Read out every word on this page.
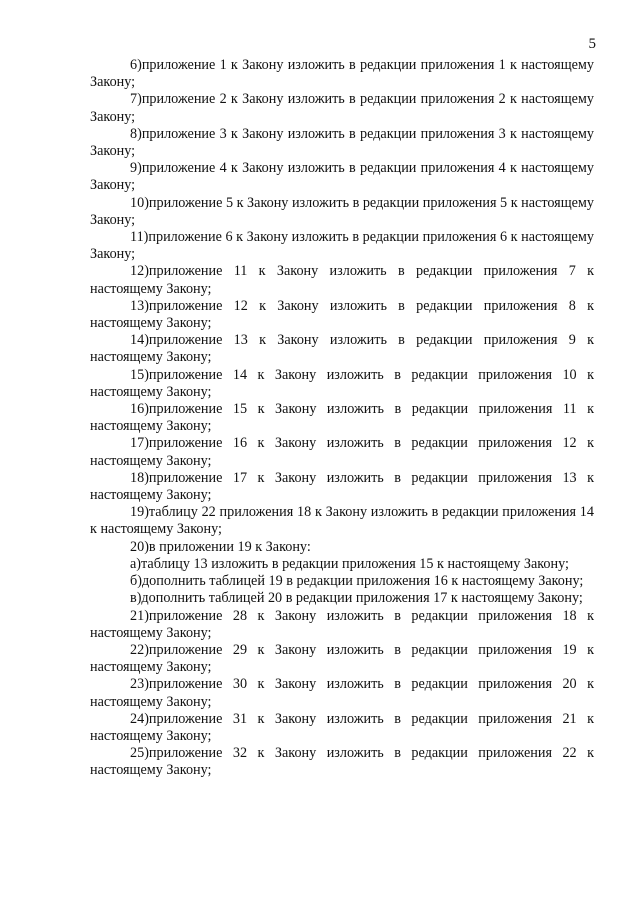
5

6)приложение 1 к Закону изложить в редакции приложения 1 к настоящему Закону;

7)приложение 2 к Закону изложить в редакции приложения 2 к настоящему Закону;

8)приложение 3 к Закону изложить в редакции приложения 3 к настоящему Закону;

9)приложение 4 к Закону изложить в редакции приложения 4 к настоящему Закону;

10)приложение 5 к Закону изложить в редакции приложения 5 к настоящему Закону;

11)приложение 6 к Закону изложить в редакции приложения 6 к настоящему Закону;

12)приложение 11 к Закону изложить в редакции приложения 7 к настоящему Закону;

13)приложение 12 к Закону изложить в редакции приложения 8 к настоящему Закону;

14)приложение 13 к Закону изложить в редакции приложения 9 к настоящему Закону;

15)приложение 14 к Закону изложить в редакции приложения 10 к настоящему Закону;

16)приложение 15 к Закону изложить в редакции приложения 11 к настоящему Закону;

17)приложение 16 к Закону изложить в редакции приложения 12 к настоящему Закону;

18)приложение 17 к Закону изложить в редакции приложения 13 к настоящему Закону;

19)таблицу 22 приложения 18 к Закону изложить в редакции приложения 14 к настоящему Закону;

20)в приложении 19 к Закону:

а)таблицу 13 изложить в редакции приложения 15 к настоящему Закону;

б)дополнить таблицей 19 в редакции приложения 16 к настоящему Закону;

в)дополнить таблицей 20 в редакции приложения 17 к настоящему Закону;

21)приложение 28 к Закону изложить в редакции приложения 18 к настоящему Закону;

22)приложение 29 к Закону изложить в редакции приложения 19 к настоящему Закону;

23)приложение 30 к Закону изложить в редакции приложения 20 к настоящему Закону;

24)приложение 31 к Закону изложить в редакции приложения 21 к настоящему Закону;

25)приложение 32 к Закону изложить в редакции приложения 22 к настоящему Закону;
